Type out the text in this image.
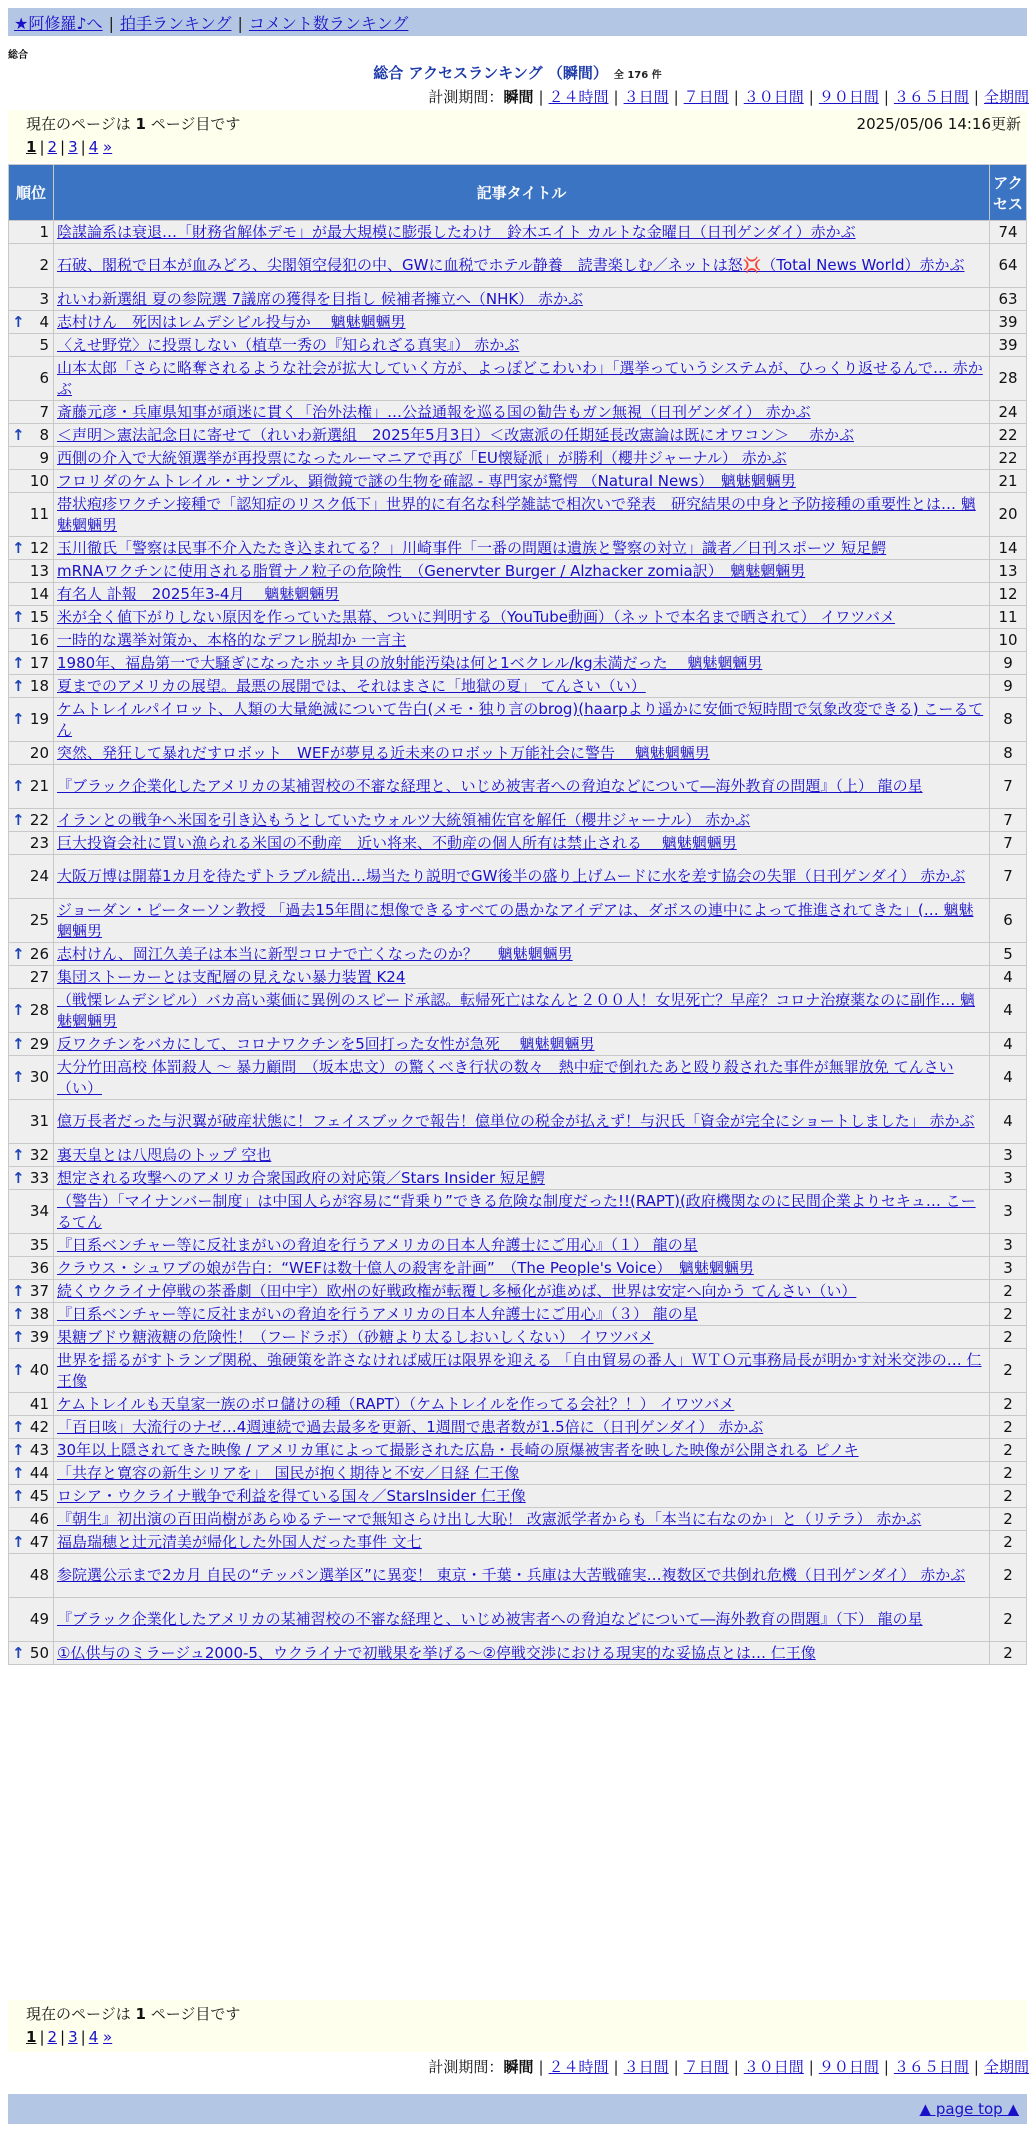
★阿修羅♪へ | 拍手ランキング | コメント数ランキング
総合
総合 アクセスランキング （瞬間） 全 176 件
計測期間：瞬間 | ２４時間 | ３日間 | ７日間 | ３０日間 | ９０日間 | ３６５日間 | 全期間
現在のページは 1 ページ目です	2025/05/06 14:16更新
1 | 2 | 3 | 4 »
順位	記事タイトル	アクセス
1	陰謀論系は衰退…「財務省解体デモ」が最大規模に膨張したわけ　鈴木エイト カルトな金曜日（日刊ゲンダイ）赤かぶ	74
2	石破、閣税で日本が血みどろ、尖閣領空侵犯の中、GWに血税でホテル静養　読書楽しむ／ネットは怒💢（Total News World）赤かぶ	64
3	れいわ新選組 夏の参院選 7議席の獲得を目指し 候補者擁立へ（NHK） 赤かぶ	63

↑ 4	志村けん　死因はレムデシビル投与か　 魑魅魍魎男	39
5	〈えせ野党〉に投票しない（植草一秀の『知られざる真実』） 赤かぶ	39
6	山本太郎「さらに略奪されるような社会が拡大していく方が、よっぽどこわいわ」「選挙っていうシステムが、ひっくり返せるんで… 赤かぶ	28
7	斎藤元彦・兵庫県知事が頑迷に貫く「治外法権」…公益通報を巡る国の勧告もガン無視（日刊ゲンダイ） 赤かぶ	24

↑ 8	＜声明＞憲法記念日に寄せて（れいわ新選組　2025年5月3日）＜改憲派の任期延長改憲論は既にオワコン＞　 赤かぶ	22
9	西側の介入で大統領選挙が再投票になったルーマニアで再び「EU懐疑派」が勝利（櫻井ジャーナル） 赤かぶ	22
10	フロリダのケムトレイル・サンプル、顕微鏡で謎の生物を確認 - 専門家が驚愕 （Natural News）　魑魅魍魎男	21
11	帯状疱疹ワクチン接種で「認知症のリスク低下」世界的に有名な科学雑誌で相次いで発表　研究結果の中身と予防接種の重要性とは… 魑魅魍魎男	20

↑ 12	玉川徹氏「警察は民事不介入たたき込まれてる？」川崎事件「一番の問題は遺族と警察の対立」識者／日刊スポーツ 短足鰐	14
13	mRNAワクチンに使用される脂質ナノ粒子の危険性　（Genervter Burger / Alzhacker zomia訳）　魑魅魍魎男	13
14	有名人 訃報　2025年3-4月　 魑魅魍魎男	12

↑ 15	米が全く値下がりしない原因を作っていた黒幕、ついに判明する（YouTube動画）（ネットで本名まで晒されて） イワツバメ	11
16	一時的な選挙対策か、本格的なデフレ脱却か 一言主	10

↑ 17	1980年、福島第一で大騒ぎになったホッキ貝の放射能汚染は何と1ベクレル/kg未満だった　 魑魅魍魎男	9

↑ 18	夏までのアメリカの展望。最悪の展開では、それはまさに「地獄の夏」 てんさい（い）	9

↑ 19	ケムトレイルパイロット、人類の大量絶滅について告白(メモ・独り言のbrog)(haarpより遥かに安価で短時間で気象改変できる) こーるてん	8
20	突然、発狂して暴れだすロボット　WEFが夢見る近未来のロボット万能社会に警告　 魑魅魍魎男	8

↑ 21	『ブラック企業化したアメリカの某補習校の不審な経理と、いじめ被害者への脅迫などについて―海外教育の問題』（上） 龍の星	7

↑ 22	イランとの戦争へ米国を引き込もうとしていたウォルツ大統領補佐官を解任（櫻井ジャーナル） 赤かぶ	7
23	巨大投資会社に買い漁られる米国の不動産　近い将来、不動産の個人所有は禁止される　 魑魅魍魎男	7
24	大阪万博は開幕1カ月を待たずトラブル続出…場当たり説明でGW後半の盛り上げムードに水を差す協会の失罪（日刊ゲンダイ） 赤かぶ	7
25	ジョーダン・ピーターソン教授 「過去15年間に想像できるすべての愚かなアイデアは、ダボスの連中によって推進されてきた」(… 魑魅魍魎男	6

↑ 26	志村けん、岡江久美子は本当に新型コロナで亡くなったのか？　 魑魅魍魎男	5
27	集団ストーカーとは支配層の見えない暴力装置 K24	4

↑ 28	（戦慄レムデシビル）バカ高い薬価に異例のスピード承認。転帰死亡はなんと２００人！女児死亡？早産？コロナ治療薬なのに副作… 魑魅魍魎男	4

↑ 29	反ワクチンをバカにして、コロナワクチンを5回打った女性が急死　 魑魅魍魎男	4

↑ 30	大分竹田高校 体罰殺人 ～ 暴力顧問　（坂本忠文）の驚くべき行状の数々　熱中症で倒れたあと殴り殺された事件が無罪放免 てんさい（い）	4
31	億万長者だった与沢翼が破産状態に！フェイスブックで報告！億単位の税金が払えず！与沢氏「資金が完全にショートしました」 赤かぶ	4

↑ 32	裏天皇とは八咫烏のトップ 空也	3

↑ 33	想定される攻撃へのアメリカ合衆国政府の対応策／Stars Insider 短足鰐	3
34	（警告）「マイナンバー制度」は中国人らが容易に“背乗り”できる危険な制度だった!!(RAPT)(政府機関なのに民間企業よりセキュ… こーるてん	3
35	『日系ベンチャー等に反社まがいの脅迫を行うアメリカの日本人弁護士にご用心』（１） 龍の星	3
36	クラウス・シュワブの娘が告白：“WEFは数十億人の殺害を計画”　（The People's Voice）　魑魅魍魎男	3

↑ 37	続くウクライナ停戦の茶番劇（田中宇）欧州の好戦政権が転覆し多極化が進めば、世界は安定へ向かう てんさい（い）	2

↑ 38	『日系ベンチャー等に反社まがいの脅迫を行うアメリカの日本人弁護士にご用心』（３） 龍の星	2

↑ 39	果糖ブドウ糖液糖の危険性！（フードラボ）（砂糖より太るしおいしくない） イワツバメ	2

↑ 40	世界を揺るがすトランプ関税、強硬策を許さなければ威圧は限界を迎える 「自由貿易の番人」ＷＴＯ元事務局長が明かす対米交渉の… 仁王像	2
41	ケムトレイルも天皇家一族のボロ儲けの種（RAPT）（ケムトレイルを作ってる会社？！） イワツバメ	2

↑ 42	「百日咳」大流行のナゼ…4週連続で過去最多を更新、1週間で患者数が1.5倍に（日刊ゲンダイ） 赤かぶ	2

↑ 43	30年以上隠されてきた映像 / アメリカ軍によって撮影された広島・長崎の原爆被害者を映した映像が公開される ピノキ	2

↑ 44	「共存と寛容の新生シリアを」　国民が抱く期待と不安／日経 仁王像	2

↑ 45	ロシア・ウクライナ戦争で利益を得ている国々／StarsInsider 仁王像	2
46	『朝生』初出演の百田尚樹があらゆるテーマで無知さらけ出し大恥！ 改憲派学者からも「本当に右なのか」と（リテラ） 赤かぶ	2

↑ 47	福島瑞穂と辻元清美が帰化した外国人だった事件 文七	2
48	参院選公示まで2カ月 自民の“テッパン選挙区”に異変！ 東京・千葉・兵庫は大苦戦確実…複数区で共倒れ危機（日刊ゲンダイ） 赤かぶ	2
49	『ブラック企業化したアメリカの某補習校の不審な経理と、いじめ被害者への脅迫などについて―海外教育の問題』（下） 龍の星	2

↑ 50	①仏供与のミラージュ2000-5、ウクライナで初戦果を挙げる～②停戦交渉における現実的な妥協点とは… 仁王像	2
現在のページは 1 ページ目です
1 | 2 | 3 | 4 »
計測期間：瞬間 | ２４時間 | ３日間 | ７日間 | ３０日間 | ９０日間 | ３６５日間 | 全期間
▲ page top ▲
